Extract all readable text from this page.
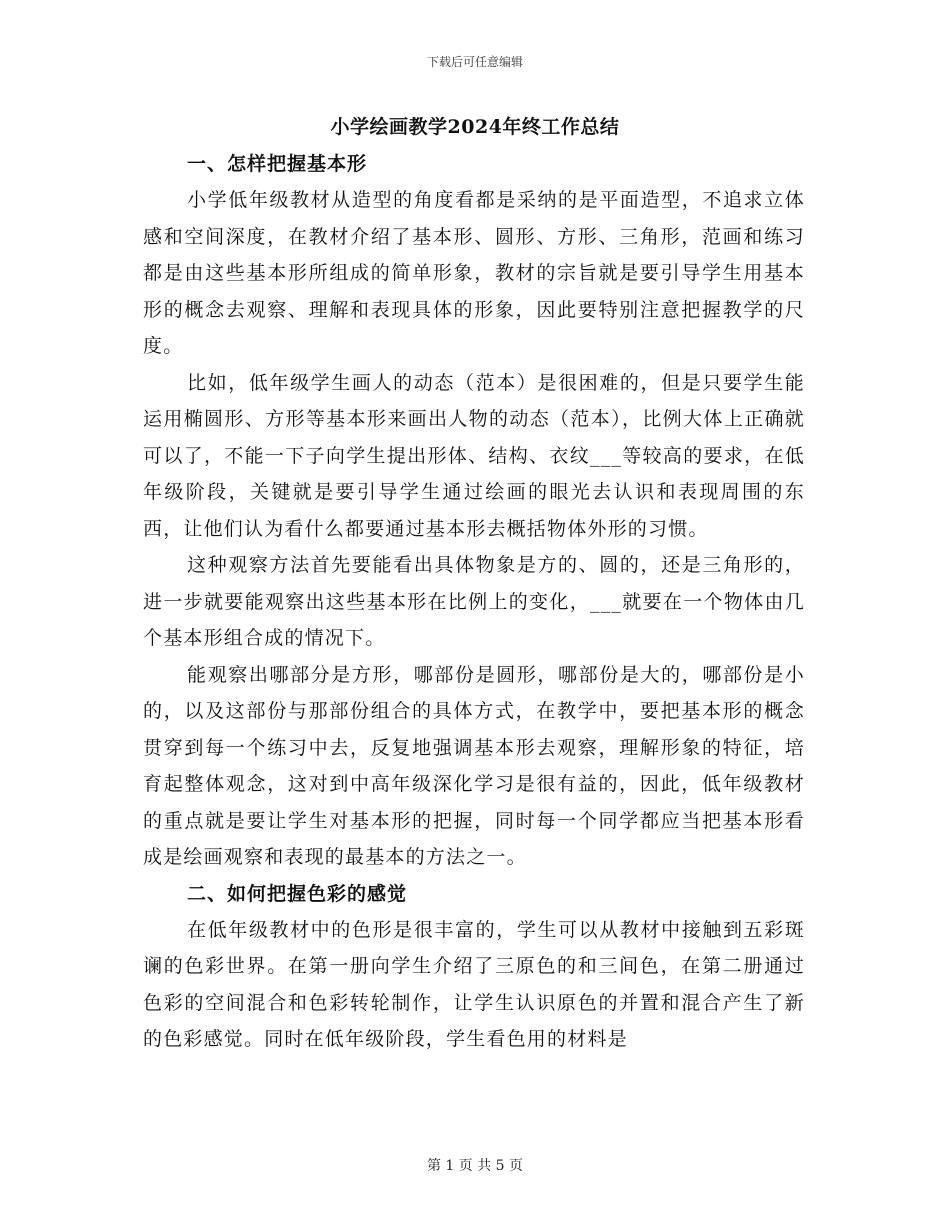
下载后可任意编辑
小学绘画教学2024年终工作总结
一、怎样把握基本形

小学低年级教材从造型的角度看都是采纳的是平面造型，不追求立体感和空间深度，在教材介绍了基本形、圆形、方形、三角形，范画和练习都是由这些基本形所组成的简单形象，教材的宗旨就是要引导学生用基本形的概念去观察、理解和表现具体的形象，因此要特别注意把握教学的尺度。

比如，低年级学生画人的动态（范本）是很困难的，但是只要学生能运用椭圆形、方形等基本形来画出人物的动态（范本），比例大体上正确就可以了，不能一下子向学生提出形体、结构、衣纹___等较高的要求，在低年级阶段，关键就是要引导学生通过绘画的眼光去认识和表现周围的东西，让他们认为看什么都要通过基本形去概括物体外形的习惯。

这种观察方法首先要能看出具体物象是方的、圆的，还是三角形的，进一步就要能观察出这些基本形在比例上的变化，___就要在一个物体由几个基本形组合成的情况下。

能观察出哪部分是方形，哪部份是圆形，哪部份是大的，哪部份是小的，以及这部份与那部份组合的具体方式，在教学中，要把基本形的概念贯穿到每一个练习中去，反复地强调基本形去观察，理解形象的特征，培育起整体观念，这对到中高年级深化学习是很有益的，因此，低年级教材的重点就是要让学生对基本形的把握，同时每一个同学都应当把基本形看成是绘画观察和表现的最基本的方法之一。

二、如何把握色彩的感觉

在低年级教材中的色形是很丰富的，学生可以从教材中接触到五彩斑谰的色彩世界。在第一册向学生介绍了三原色的和三间色，在第二册通过色彩的空间混合和色彩转轮制作，让学生认识原色的并置和混合产生了新的色彩感觉。同时在低年级阶段，学生看色用的材料是

第 1 页 共 5 页
